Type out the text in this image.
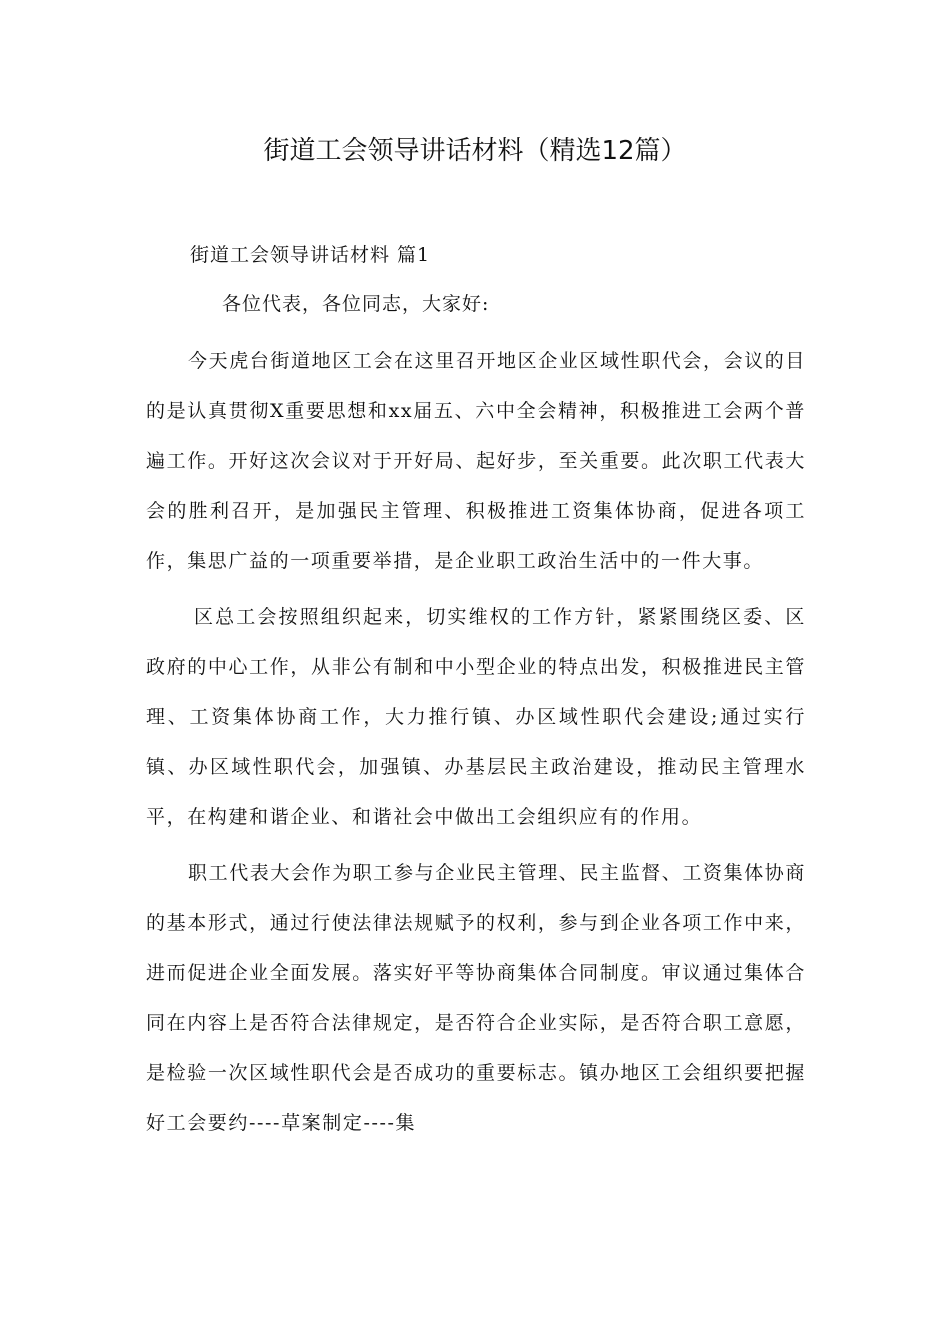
街道工会领导讲话材料（精选12篇）
街道工会领导讲话材料 篇1
各位代表，各位同志，大家好:

今天虎台街道地区工会在这里召开地区企业区域性职代会，会议的目的是认真贯彻X重要思想和xx届五、六中全会精神，积极推进工会两个普遍工作。开好这次会议对于开好局、起好步，至关重要。此次职工代表大会的胜利召开，是加强民主管理、积极推进工资集体协商，促进各项工作，集思广益的一项重要举措，是企业职工政治生活中的一件大事。

区总工会按照组织起来，切实维权的工作方针，紧紧围绕区委、区政府的中心工作，从非公有制和中小型企业的特点出发，积极推进民主管理、工资集体协商工作，大力推行镇、办区域性职代会建设;通过实行镇、办区域性职代会，加强镇、办基层民主政治建设，推动民主管理水平，在构建和谐企业、和谐社会中做出工会组织应有的作用。

职工代表大会作为职工参与企业民主管理、民主监督、工资集体协商的基本形式，通过行使法律法规赋予的权利，参与到企业各项工作中来，进而促进企业全面发展。落实好平等协商集体合同制度。审议通过集体合同在内容上是否符合法律规定，是否符合企业实际，是否符合职工意愿，是检验一次区域性职代会是否成功的重要标志。镇办地区工会组织要把握好工会要约----草案制定----集
